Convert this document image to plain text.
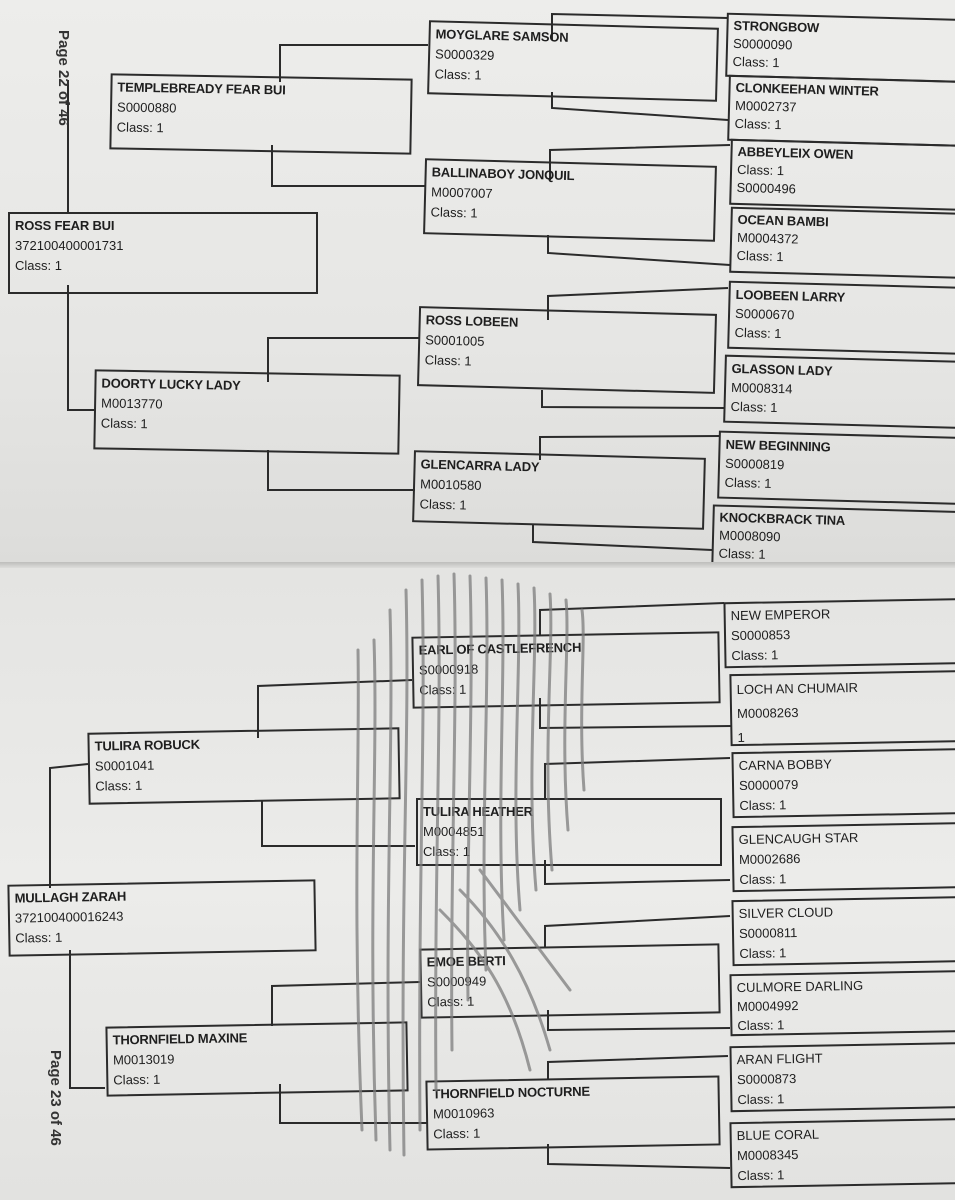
Page 22 of 46
ROSS FEAR BUI
372100400001731
Class: 1
TEMPLEBREADY FEAR BUI
S0000880
Class: 1
DOORTY LUCKY LADY
M0013770
Class: 1
MOYGLARE SAMSON
S0000329
Class: 1
BALLINABOY JONQUIL
M0007007
Class: 1
ROSS LOBEEN
S0001005
Class: 1
GLENCARRA LADY
M0010580
Class: 1
STRONGBOW
S0000090
Class: 1
CLONKEEHAN WINTER
M0002737
Class: 1
ABBEYLEIX OWEN
Class: 1
S0000496
OCEAN BAMBI
M0004372
Class: 1
LOOBEEN LARRY
S0000670
Class: 1
GLASSON LADY
M0008314
Class: 1
NEW BEGINNING
S0000819
Class: 1
KNOCKBRACK TINA
M0008090
Class: 1
MULLAGH ZARAH
372100400016243
Class: 1
TULIRA ROBUCK
S0001041
Class: 1
THORNFIELD MAXINE
M0013019
Class: 1
EARL OF CASTLEFRENCH
S0000918
Class: 1
TULIRA HEATHER
M0004851
Class: 1
EMOE BERTI
S0000949
Class: 1
THORNFIELD NOCTURNE
M0010963
Class: 1
NEW EMPEROR
S0000853
Class: 1
LOCH AN CHUMAIR
M0008263
1
CARNA BOBBY
S0000079
Class: 1
GLENCAUGH STAR
M0002686
Class: 1
SILVER CLOUD
S0000811
Class: 1
CULMORE DARLING
M0004992
Class: 1
ARAN FLIGHT
S0000873
Class: 1
BLUE CORAL
M0008345
Class: 1
Page 23 of 46
